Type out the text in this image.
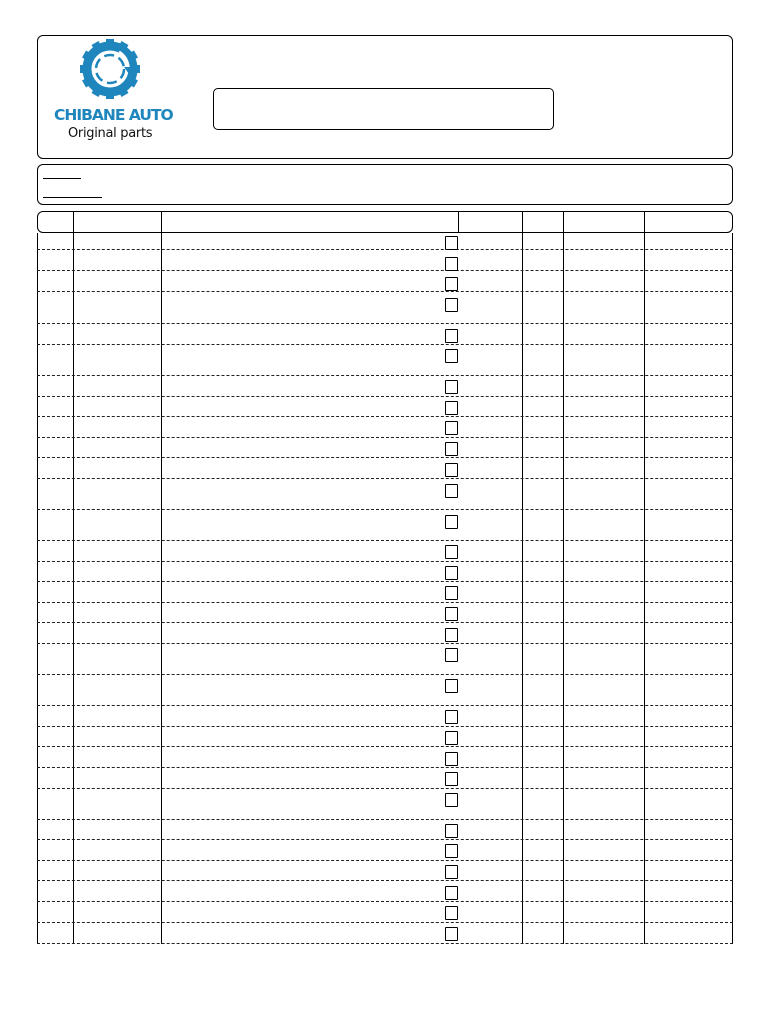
CHIBANE AUTO
Original parts
